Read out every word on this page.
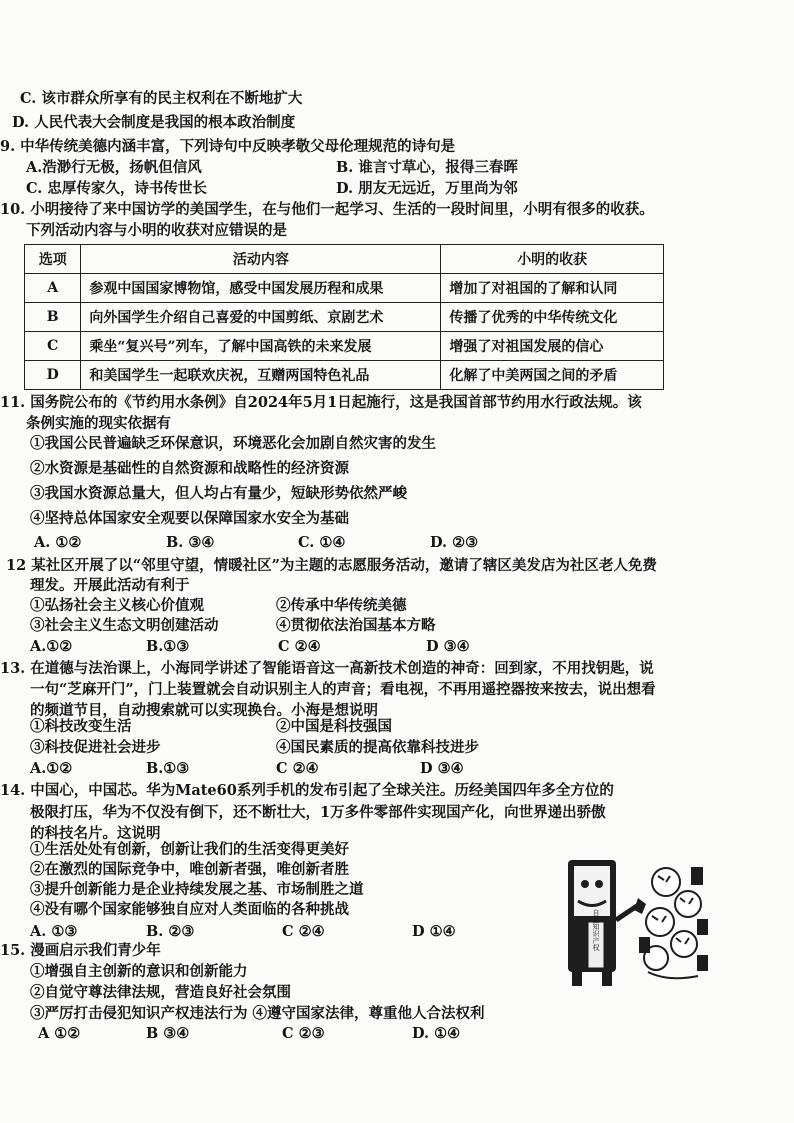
C. 该市群众所享有的民主权利在不断地扩大
D. 人民代表大会制度是我国的根本政治制度
9. 中华传统美德内涵丰富，下列诗句中反映孝敬父母伦理规范的诗句是
A.浩渺行无极，扬帆但信风	B. 谁言寸草心，报得三春晖
C. 忠厚传家久，诗书传世长	D. 朋友无远近，万里尚为邻
10. 小明接待了来中国访学的美国学生，在与他们一起学习、生活的一段时间里，小明有很多的收获。
下列活动内容与小明的收获对应错误的是
选项	活动内容	小明的收获
A	参观中国国家博物馆，感受中国发展历程和成果	增加了对祖国的了解和认同
B	向外国学生介绍自己喜爱的中国剪纸、京剧艺术	传播了优秀的中华传统文化
C	乘坐“复兴号”列车，了解中国高铁的未来发展	增强了对祖国发展的信心
D	和美国学生一起联欢庆祝，互赠两国特色礼品	化解了中美两国之间的矛盾
11. 国务院公布的《节约用水条例》自2024年5月1日起施行，这是我国首部节约用水行政法规。该
条例实施的现实依据有
①我国公民普遍缺乏环保意识，环境恶化会加剧自然灾害的发生
②水资源是基础性的自然资源和战略性的经济资源
③我国水资源总量大，但人均占有量少，短缺形势依然严峻
④坚持总体国家安全观要以保障国家水安全为基础
A. ①②	B. ③④	C. ①④	D. ②③
12 某社区开展了以“邻里守望，情暖社区”为主题的志愿服务活动，邀请了辖区美发店为社区老人免费
理发。开展此活动有利于
①弘扬社会主义核心价值观	②传承中华传统美德
③社会主义生态文明创建活动	④贯彻依法治国基本方略
A.①②	B.①③	C ②④	D ③④
13. 在道德与法治课上，小海同学讲述了智能语音这一高新技术创造的神奇：回到家，不用找钥匙，说
一句“芝麻开门”，门上装置就会自动识别主人的声音；看电视，不再用遥控器按来按去，说出想看
的频道节目，自动搜索就可以实现换台。小海是想说明
①科技改变生活	②中国是科技强国
③科技促进社会进步	④国民素质的提高依靠科技进步
A.①②	B.①③	C ②④	D ③④
14. 中国心，中国芯。华为Mate60系列手机的发布引起了全球关注。历经美国四年多全方位的
极限打压，华为不仅没有倒下，还不断壮大，1万多件零部件实现国产化，向世界递出骄傲
的科技名片。这说明
①生活处处有创新，创新让我们的生活变得更美好
②在激烈的国际竞争中，唯创新者强，唯创新者胜
③提升创新能力是企业持续发展之基、市场制胜之道
④没有哪个国家能够独自应对人类面临的各种挑战
A. ①③	B. ②③	C ②④	D ①④
15. 漫画启示我们青少年
①增强自主创新的意识和创新能力
②自觉守尊法律法规，营造良好社会氛围
③严厉打击侵犯知识产权违法行为 ④遵守国家法律，尊重他人合法权利
A ①②	B ③④	C ②③	D. ①④
自主知识产权
